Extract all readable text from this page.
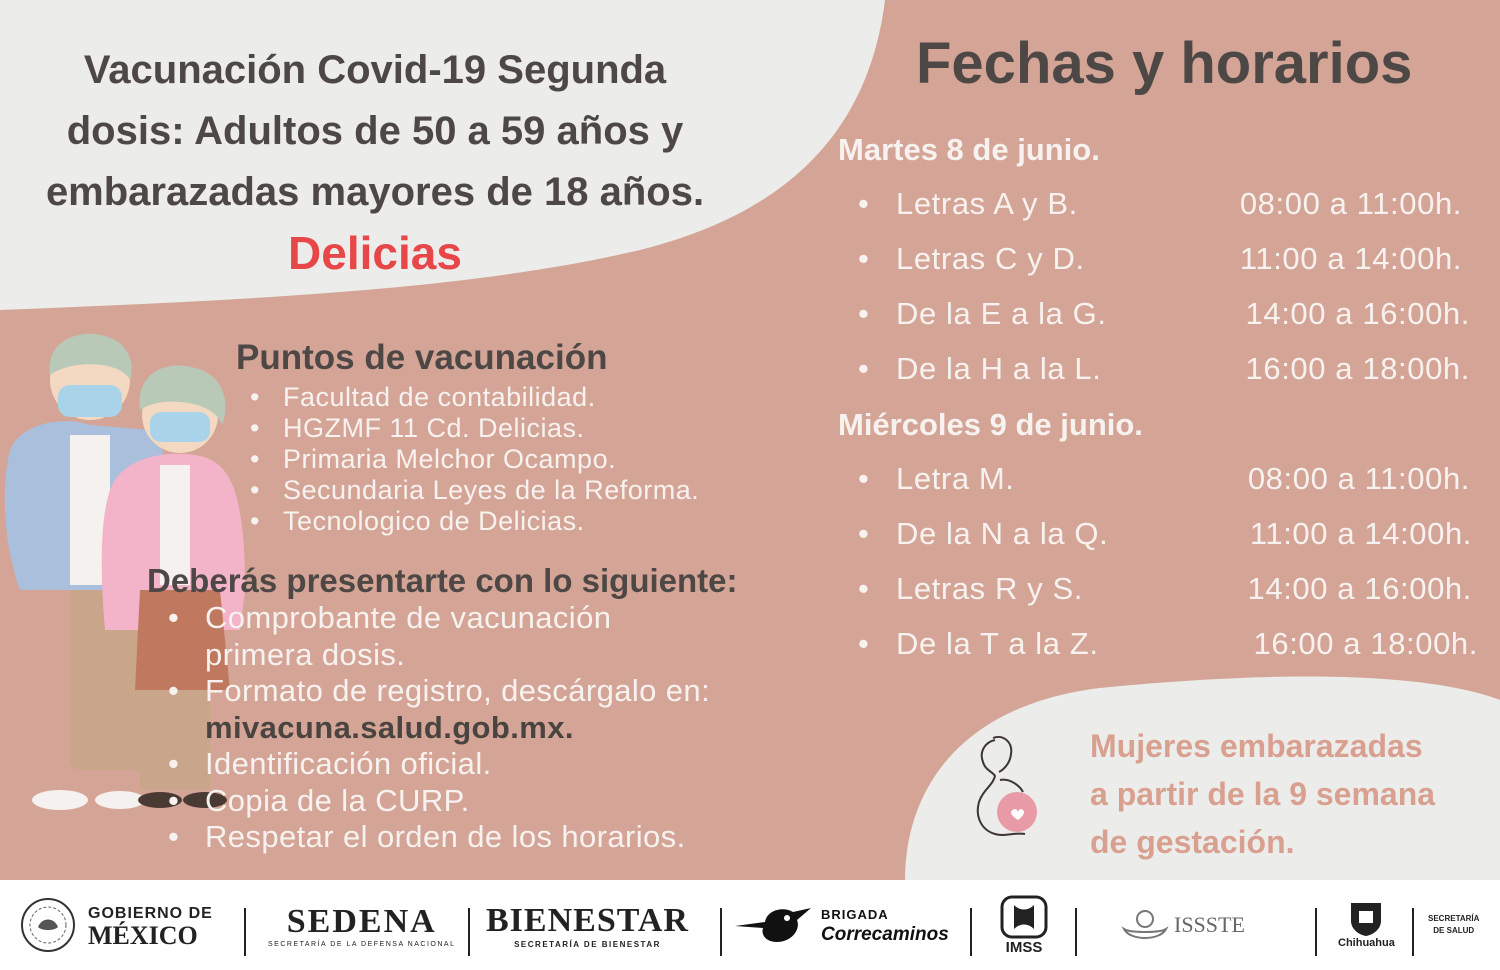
Vacunación Covid-19 Segunda
dosis: Adultos de 50 a 59 años y
embarazadas mayores de 18 años.
Delicias
Puntos de vacunación
• Facultad de contabilidad.
• HGZMF 11 Cd. Delicias.
• Primaria Melchor Ocampo.
• Secundaria Leyes de la Reforma.
• Tecnologico de Delicias.
Deberás presentarte con lo siguiente:
• Comprobante de vacunación
primera dosis.
• Formato de registro, descárgalo en:
mivacuna.salud.gob.mx.
• Identificación oficial.
• Copia de la CURP.
• Respetar el orden de los horarios.
Fechas y horarios
Martes 8 de junio.
• Letras A y B.	08:00 a 11:00h.
• Letras C y D.	11:00 a 14:00h.
• De la E a la G.	14:00 a 16:00h.
• De la H a la L.	16:00 a 18:00h.
Miércoles 9 de junio.
• Letra M.	08:00 a 11:00h.
• De la N a la Q.	11:00 a 14:00h.
• Letras R y S.	14:00 a 16:00h.
• De la T a la Z.	16:00 a 18:00h.
Mujeres embarazadas
a partir de la 9 semana
de gestación.
GOBIERNO DE
MÉXICO	SEDENA
SECRETARÍA DE LA DEFENSA NACIONAL
BIENESTAR
SECRETARÍA DE BIENESTAR
BRIGADA
Correcaminos
IMSS
ISSSTE
Chihuahua
SECRETARÍA
DE SALUD
